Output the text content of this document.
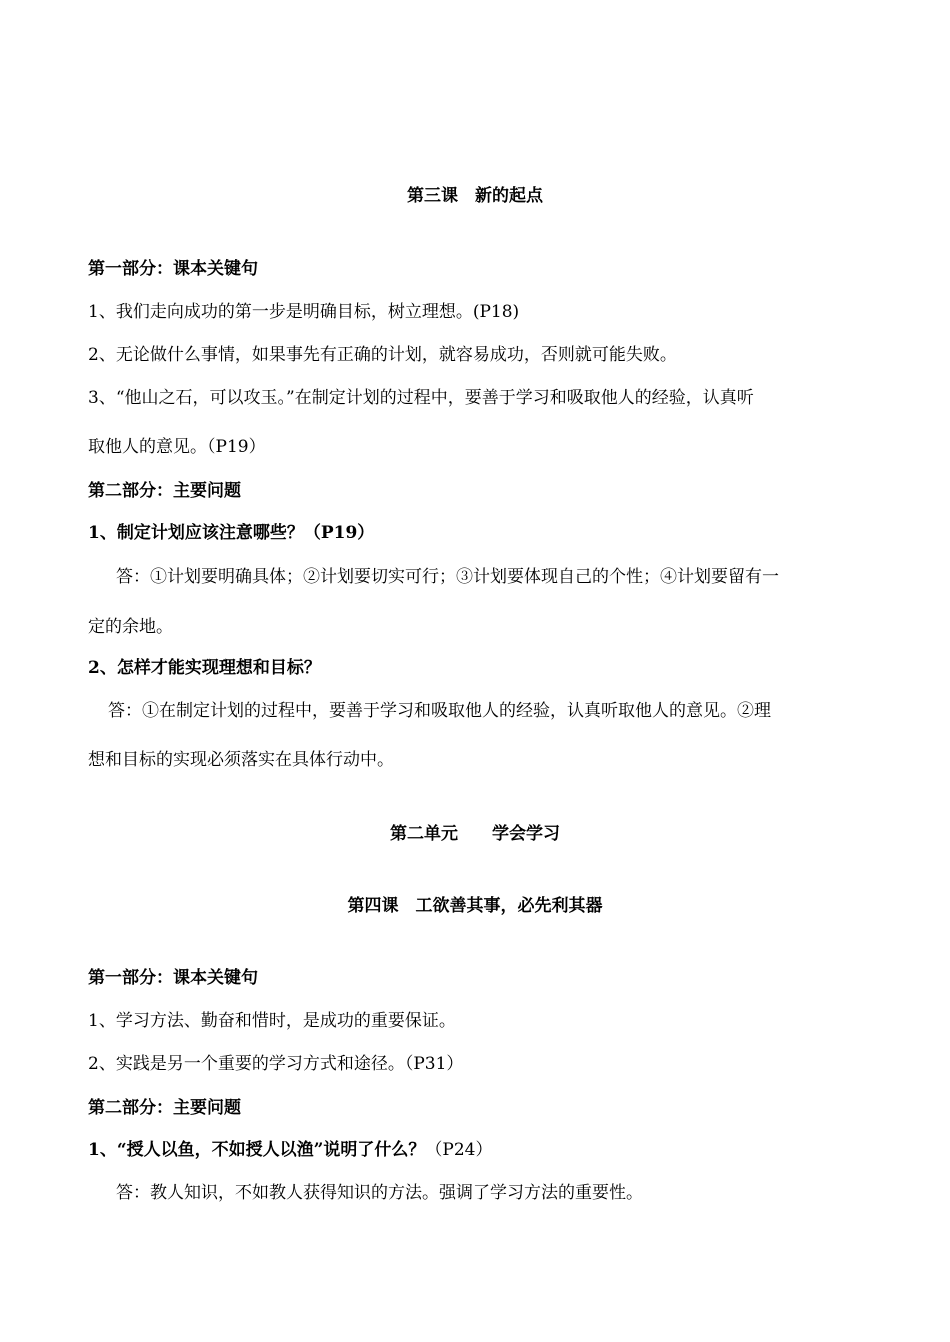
第三课　新的起点
第一部分：课本关键句
1、我们走向成功的第一步是明确目标，树立理想。(P18)
2、无论做什么事情，如果事先有正确的计划，就容易成功，否则就可能失败。
3、“他山之石，可以攻玉。”在制定计划的过程中，要善于学习和吸取他人的经验，认真听
取他人的意见。（P19）
第二部分：主要问题
1、制定计划应该注意哪些？（P19）
答：①计划要明确具体；②计划要切实可行；③计划要体现自己的个性；④计划要留有一
定的余地。
2、怎样才能实现理想和目标？
答：①在制定计划的过程中，要善于学习和吸取他人的经验，认真听取他人的意见。②理
想和目标的实现必须落实在具体行动中。
第二单元　　学会学习
第四课　工欲善其事，必先利其器
第一部分：课本关键句
1、学习方法、勤奋和惜时，是成功的重要保证。
2、实践是另一个重要的学习方式和途径。（P31）
第二部分：主要问题
1、“授人以鱼，不如授人以渔”说明了什么？（P24）
答：教人知识，不如教人获得知识的方法。强调了学习方法的重要性。
